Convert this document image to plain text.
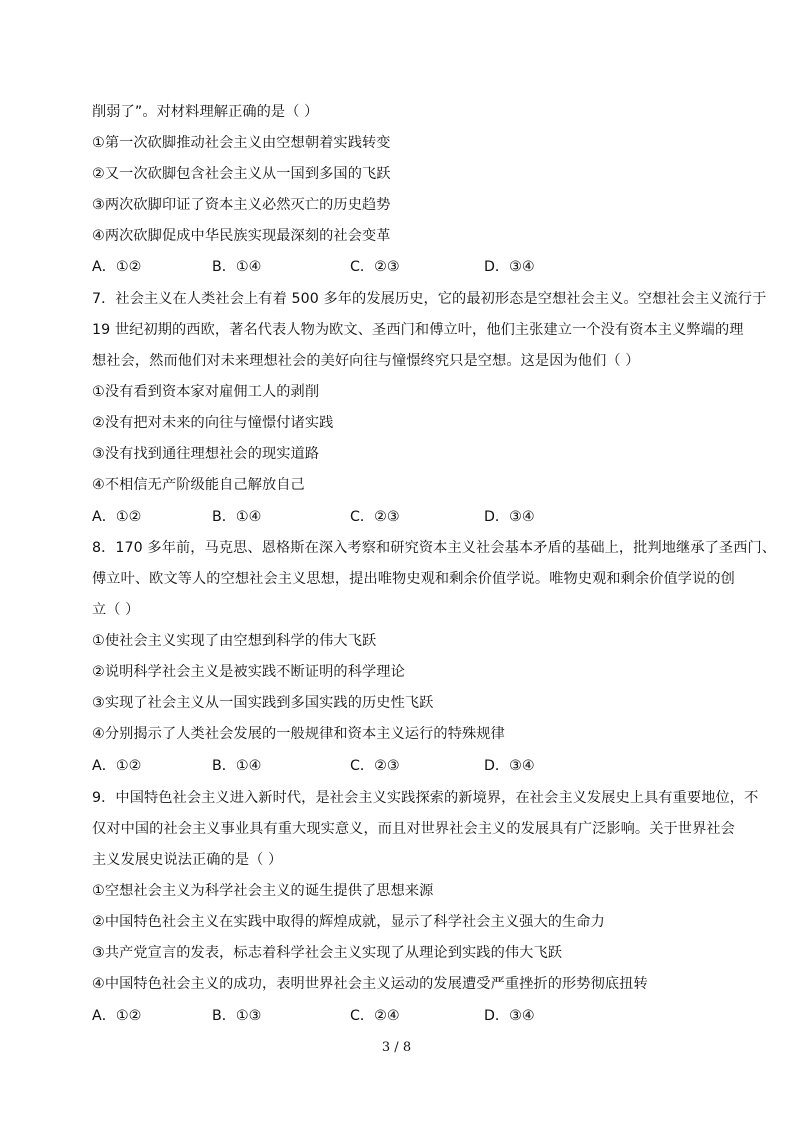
削弱了”。对材料理解正确的是（ ）
①第一次砍脚推动社会主义由空想朝着实践转变
②又一次砍脚包含社会主义从一国到多国的飞跃
③两次砍脚印证了资本主义必然灭亡的历史趋势
④两次砍脚促成中华民族实现最深刻的社会变革
A．①②	B．①④	C．②③	D．③④
7．社会主义在人类社会上有着 500 多年的发展历史，它的最初形态是空想社会主义。空想社会主义流行于
19 世纪初期的西欧，著名代表人物为欧文、圣西门和傅立叶，他们主张建立一个没有资本主义弊端的理
想社会，然而他们对未来理想社会的美好向往与憧憬终究只是空想。这是因为他们（ ）
①没有看到资本家对雇佣工人的剥削
②没有把对未来的向往与憧憬付诸实践
③没有找到通往理想社会的现实道路
④不相信无产阶级能自己解放自己
A．①②	B．①④	C．②③	D．③④
8．170 多年前，马克思、恩格斯在深入考察和研究资本主义社会基本矛盾的基础上，批判地继承了圣西门、
傅立叶、欧文等人的空想社会主义思想，提出唯物史观和剩余价值学说。唯物史观和剩余价值学说的创
立（ ）
①使社会主义实现了由空想到科学的伟大飞跃
②说明科学社会主义是被实践不断证明的科学理论
③实现了社会主义从一国实践到多国实践的历史性飞跃
④分别揭示了人类社会发展的一般规律和资本主义运行的特殊规律
A．①②	B．①④	C．②③	D．③④
9．中国特色社会主义进入新时代，是社会主义实践探索的新境界，在社会主义发展史上具有重要地位，不
仅对中国的社会主义事业具有重大现实意义，而且对世界社会主义的发展具有广泛影响。关于世界社会
主义发展史说法正确的是（ ）
①空想社会主义为科学社会主义的诞生提供了思想来源
②中国特色社会主义在实践中取得的辉煌成就，显示了科学社会主义强大的生命力
③共产党宣言的发表，标志着科学社会主义实现了从理论到实践的伟大飞跃
④中国特色社会主义的成功，表明世界社会主义运动的发展遭受严重挫折的形势彻底扭转
A．①②	B．①③	C．②④	D．③④
3 / 8
